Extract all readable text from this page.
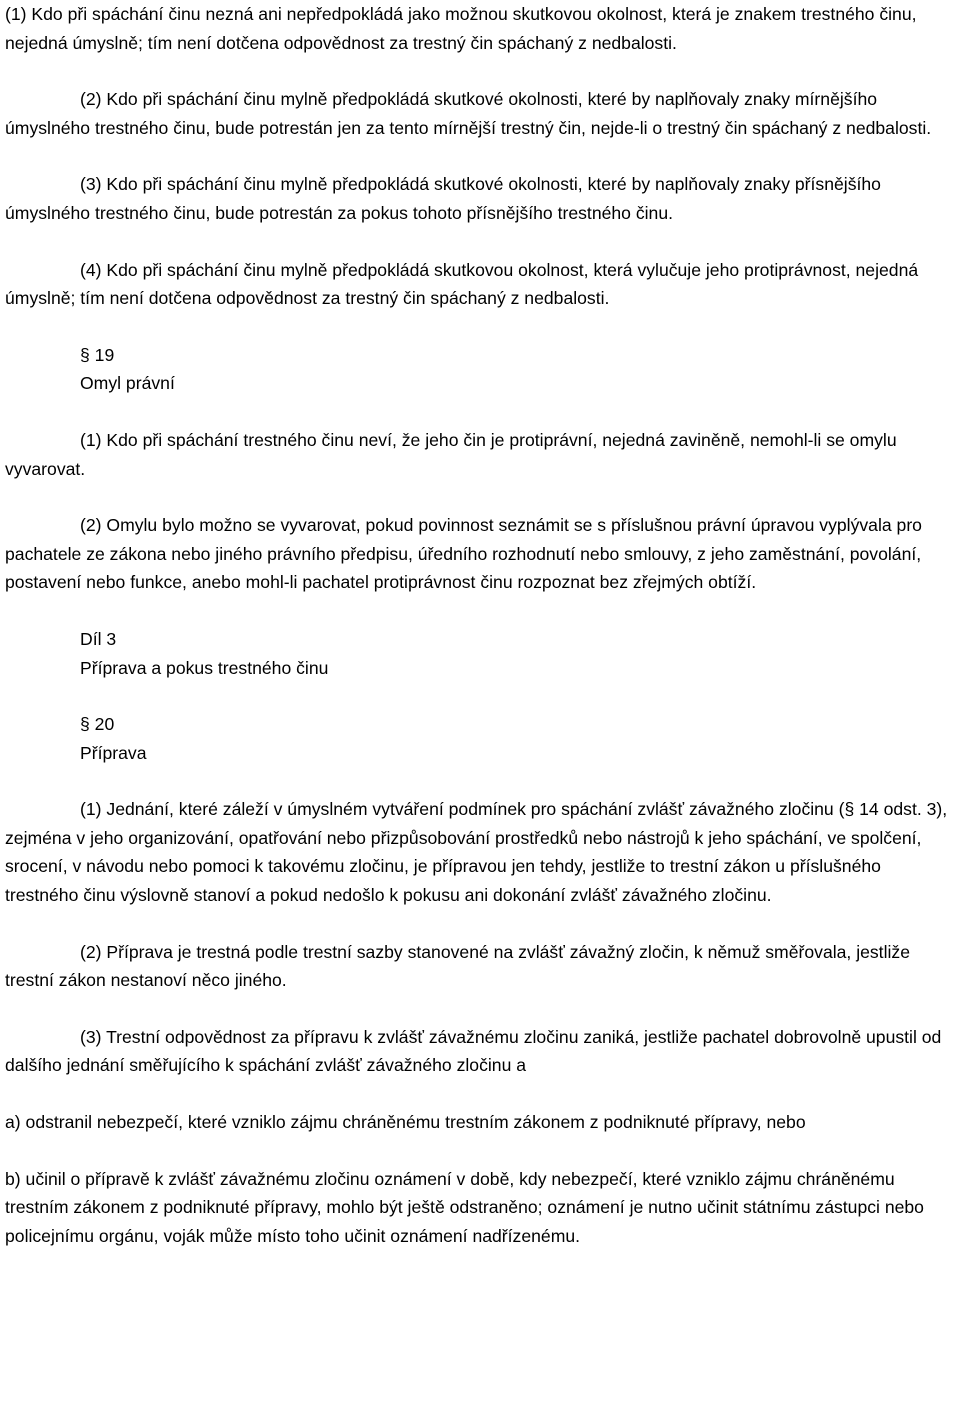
(1) Kdo při spáchání činu nezná ani nepředpokládá jako možnou skutkovou okolnost, která je znakem trestného činu, nejedná úmyslně; tím není dotčena odpovědnost za trestný čin spáchaný z nedbalosti.

(2) Kdo při spáchání činu mylně předpokládá skutkové okolnosti, které by naplňovaly znaky mírnějšího úmyslného trestného činu, bude potrestán jen za tento mírnější trestný čin, nejde-li o trestný čin spáchaný z nedbalosti.

(3) Kdo při spáchání činu mylně předpokládá skutkové okolnosti, které by naplňovaly znaky přísnějšího úmyslného trestného činu, bude potrestán za pokus tohoto přísnějšího trestného činu.

(4) Kdo při spáchání činu mylně předpokládá skutkovou okolnost, která vylučuje jeho protiprávnost, nejedná úmyslně; tím není dotčena odpovědnost za trestný čin spáchaný z nedbalosti.

§ 19

Omyl právní

(1) Kdo při spáchání trestného činu neví, že jeho čin je protiprávní, nejedná zaviněně, nemohl-li se omylu vyvarovat.

(2) Omylu bylo možno se vyvarovat, pokud povinnost seznámit se s příslušnou právní úpravou vyplývala pro pachatele ze zákona nebo jiného právního předpisu, úředního rozhodnutí nebo smlouvy, z jeho zaměstnání, povolání, postavení nebo funkce, anebo mohl-li pachatel protiprávnost činu rozpoznat bez zřejmých obtíží.

Díl 3

Příprava a pokus trestného činu

§ 20

Příprava

(1) Jednání, které záleží v úmyslném vytváření podmínek pro spáchání zvlášť závažného zločinu (§ 14 odst. 3), zejména v jeho organizování, opatřování nebo přizpůsobování prostředků nebo nástrojů k jeho spáchání, ve spolčení, srocení, v návodu nebo pomoci k takovému zločinu, je přípravou jen tehdy, jestliže to trestní zákon u příslušného trestného činu výslovně stanoví a pokud nedošlo k pokusu ani dokonání zvlášť závažného zločinu.

(2) Příprava je trestná podle trestní sazby stanovené na zvlášť závažný zločin, k němuž směřovala, jestliže trestní zákon nestanoví něco jiného.

(3) Trestní odpovědnost za přípravu k zvlášť závažnému zločinu zaniká, jestliže pachatel dobrovolně upustil od dalšího jednání směřujícího k spáchání zvlášť závažného zločinu a

a) odstranil nebezpečí, které vzniklo zájmu chráněnému trestním zákonem z podniknuté přípravy, nebo

b) učinil o přípravě k zvlášť závažnému zločinu oznámení v době, kdy nebezpečí, které vzniklo zájmu chráněnému trestním zákonem z podniknuté přípravy, mohlo být ještě odstraněno; oznámení je nutno učinit státnímu zástupci nebo policejnímu orgánu, voják může místo toho učinit oznámení nadřízenému.
